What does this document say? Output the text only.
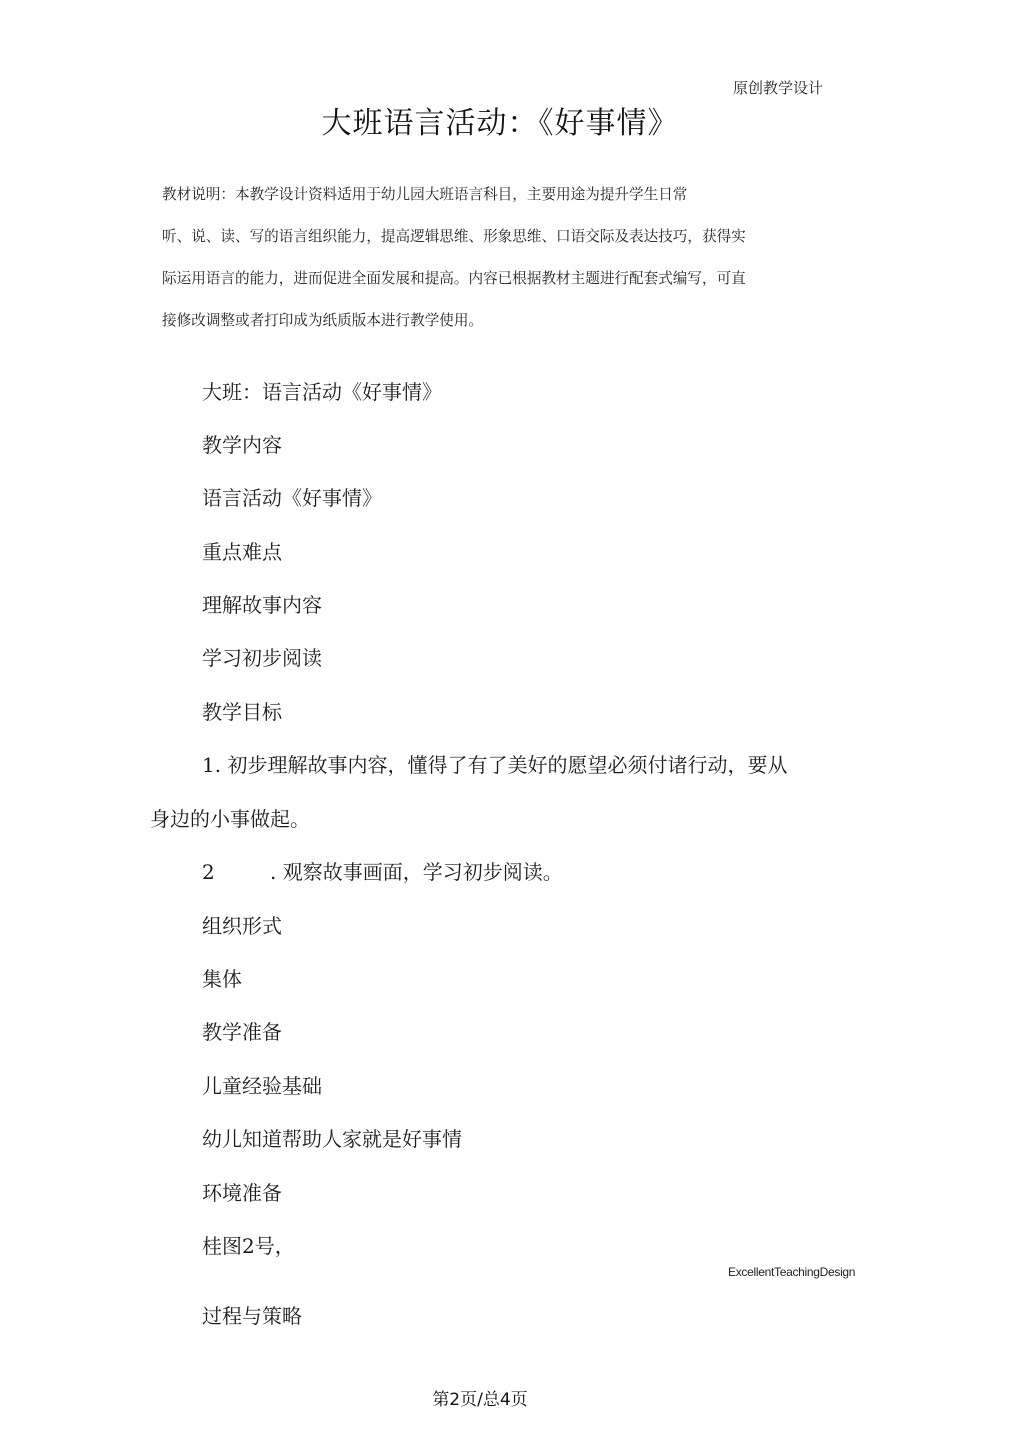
原创教学设计
大班语言活动：《好事情》
教材说明：本教学设计资料适用于幼儿园大班语言科目，主要用途为提升学生日常
听、说、读、写的语言组织能力，提高逻辑思维、形象思维、口语交际及表达技巧，获得实
际运用语言的能力，进而促进全面发展和提高。内容已根据教材主题进行配套式编写，可直
接修改调整或者打印成为纸质版本进行教学使用。
大班：语言活动《好事情》
教学内容
语言活动《好事情》
重点难点
理解故事内容
学习初步阅读
教学目标
1. 初步理解故事内容，懂得了有了美好的愿望必须付诸行动，要从
身边的小事做起。
2	. 观察故事画面，学习初步阅读。
组织形式
集体
教学准备
儿童经验基础
幼儿知道帮助人家就是好事情
环境准备
桂图2号，
ExcellentTeachingDesign
过程与策略
第2页/总4页
